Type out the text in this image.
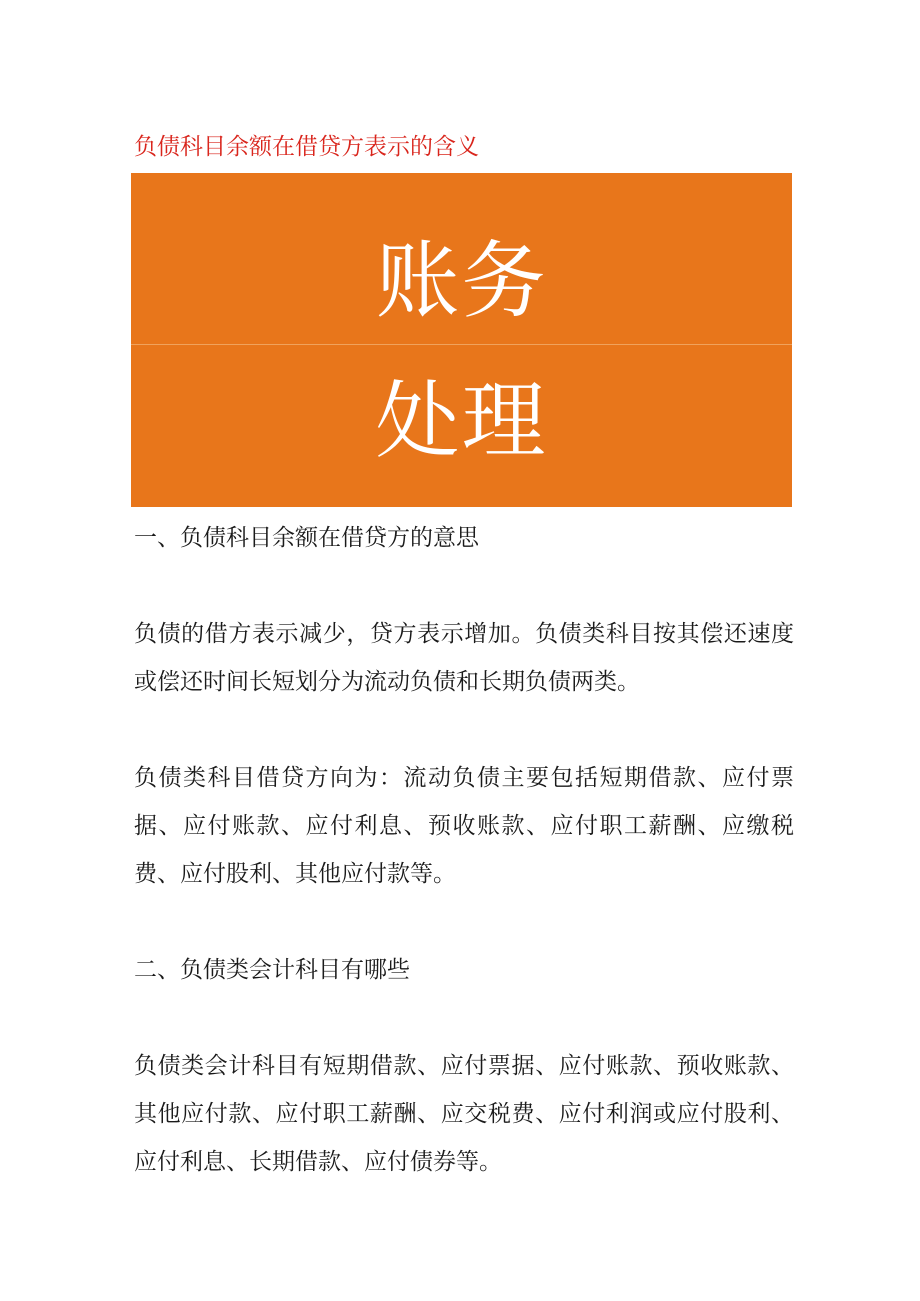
负债科目余额在借贷方表示的含义
账务
处理
一、负债科目余额在借贷方的意思
负债的借方表示减少，贷方表示增加。负债类科目按其偿还速度或偿还时间长短划分为流动负债和长期负债两类。
负债类科目借贷方向为：流动负债主要包括短期借款、应付票据、应付账款、应付利息、预收账款、应付职工薪酬、应缴税费、应付股利、其他应付款等。
二、负债类会计科目有哪些
负债类会计科目有短期借款、应付票据、应付账款、预收账款、其他应付款、应付职工薪酬、应交税费、应付利润或应付股利、应付利息、长期借款、应付债券等。
